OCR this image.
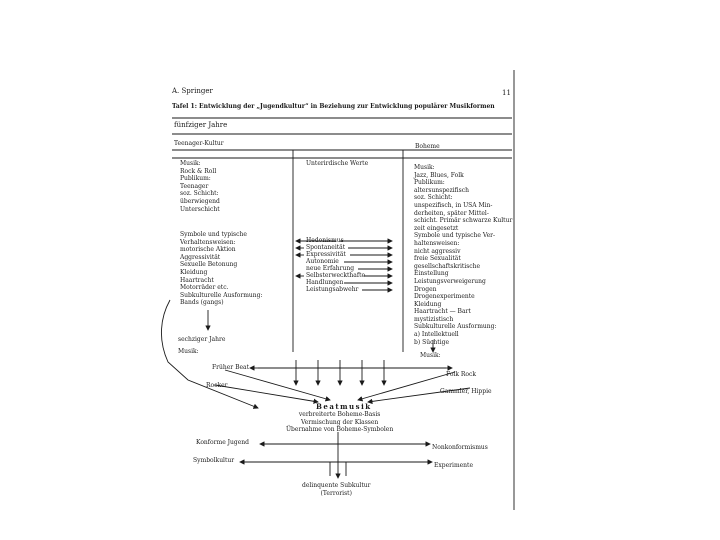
A. Springer	11
Tafel 1: Entwicklung der „Jugendkultur“ in Beziehung zur Entwicklung populärer Musikformen
fünfziger Jahre
Teenager-Kultur
Unterirdische Werte
Boheme
Musik:
Rock & Roll
Publikum:
Teenager
soz. Schicht:
überwiegend
Unterschicht
Symbole und typische
Verhaltensweisen:
motorische Aktion
Aggressivität
Sexuelle Betonung
Kleidung
Haartracht
Motorräder etc.
Subkulturelle Ausformung:
Bands (gangs)
Hedonismus
Spontaneität
Expressivität
Autonomie
neue Erfahrung
Selbsterweckthafte
Handlungen
Leistungsabwehr
Musik:
Jazz, Blues, Folk
Publikum:
altersunspezifisch
soz. Schicht:
unspezifisch, in USA Min-
derheiten, später Mittel-
schicht. Primär schwarze Kultur
zeit eingesetzt
Symbole und typische Ver-
haltensweisen:
nicht aggressiv
freie Sexualität
gesellschaftskritische
Einstellung
Leistungsverweigerung
Drogen
Drogenexperimente
Kleidung
Haartracht — Bart
mystizistisch
Subkulturelle Ausformung:
a) Intellektuell
b) Süchtige
sechziger Jahre
Musik:
Musik:
Früher Beat
Folk Rock
Rocker
Gammler, Hippie
Beatmusik
verbreiterte Boheme-Basis
Vermischung der Klassen
Übernahme von Boheme-Symbolen
Konforme Jugend
Nonkonformismus
Symbolkultur
Experimente
delinquente Subkultur
(Terrorist)
